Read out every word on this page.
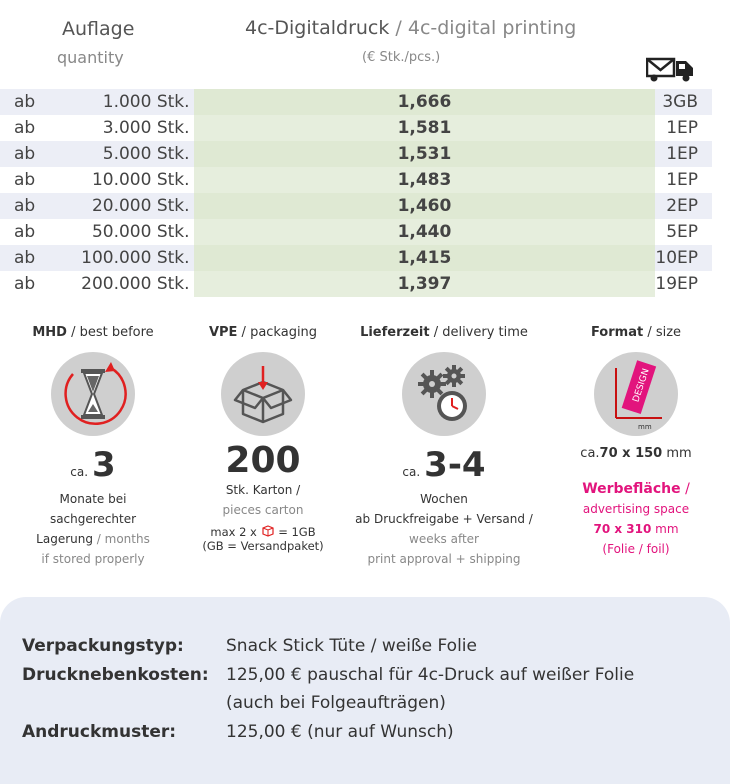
Auflage
quantity
4c-Digitaldruck / 4c-digital printing
(€ Stk./pcs.)
ab	1.000 Stk.	1,666	3GB
ab	3.000 Stk.	1,581	1EP
ab	5.000 Stk.	1,531	1EP
ab	10.000 Stk.	1,483	1EP
ab	20.000 Stk.	1,460	2EP
ab	50.000 Stk.	1,440	5EP
ab	100.000 Stk.	1,415	10EP
ab	200.000 Stk.	1,397	19EP
MHD / best before
ca. 3
Monate bei
sachgerechter
Lagerung / months
if stored properly
VPE / packaging
200
Stk. Karton /
pieces carton
max 2 x = 1GB
(GB = Versandpaket)
Lieferzeit / delivery time
ca. 3-4
Wochen
ab Druckfreigabe + Versand /
weeks after
print approval + shipping
Format / size
DESIGN
mm
ca.70 x 150 mm
Werbefläche /
advertising space
70 x 310 mm
(Folie / foil)
Verpackungstyp: Snack Stick Tüte / weiße Folie
Drucknebenkosten: 125,00 € pauschal für 4c-Druck auf weißer Folie
(auch bei Folgeaufträgen)
Andruckmuster:	125,00 € (nur auf Wunsch)
